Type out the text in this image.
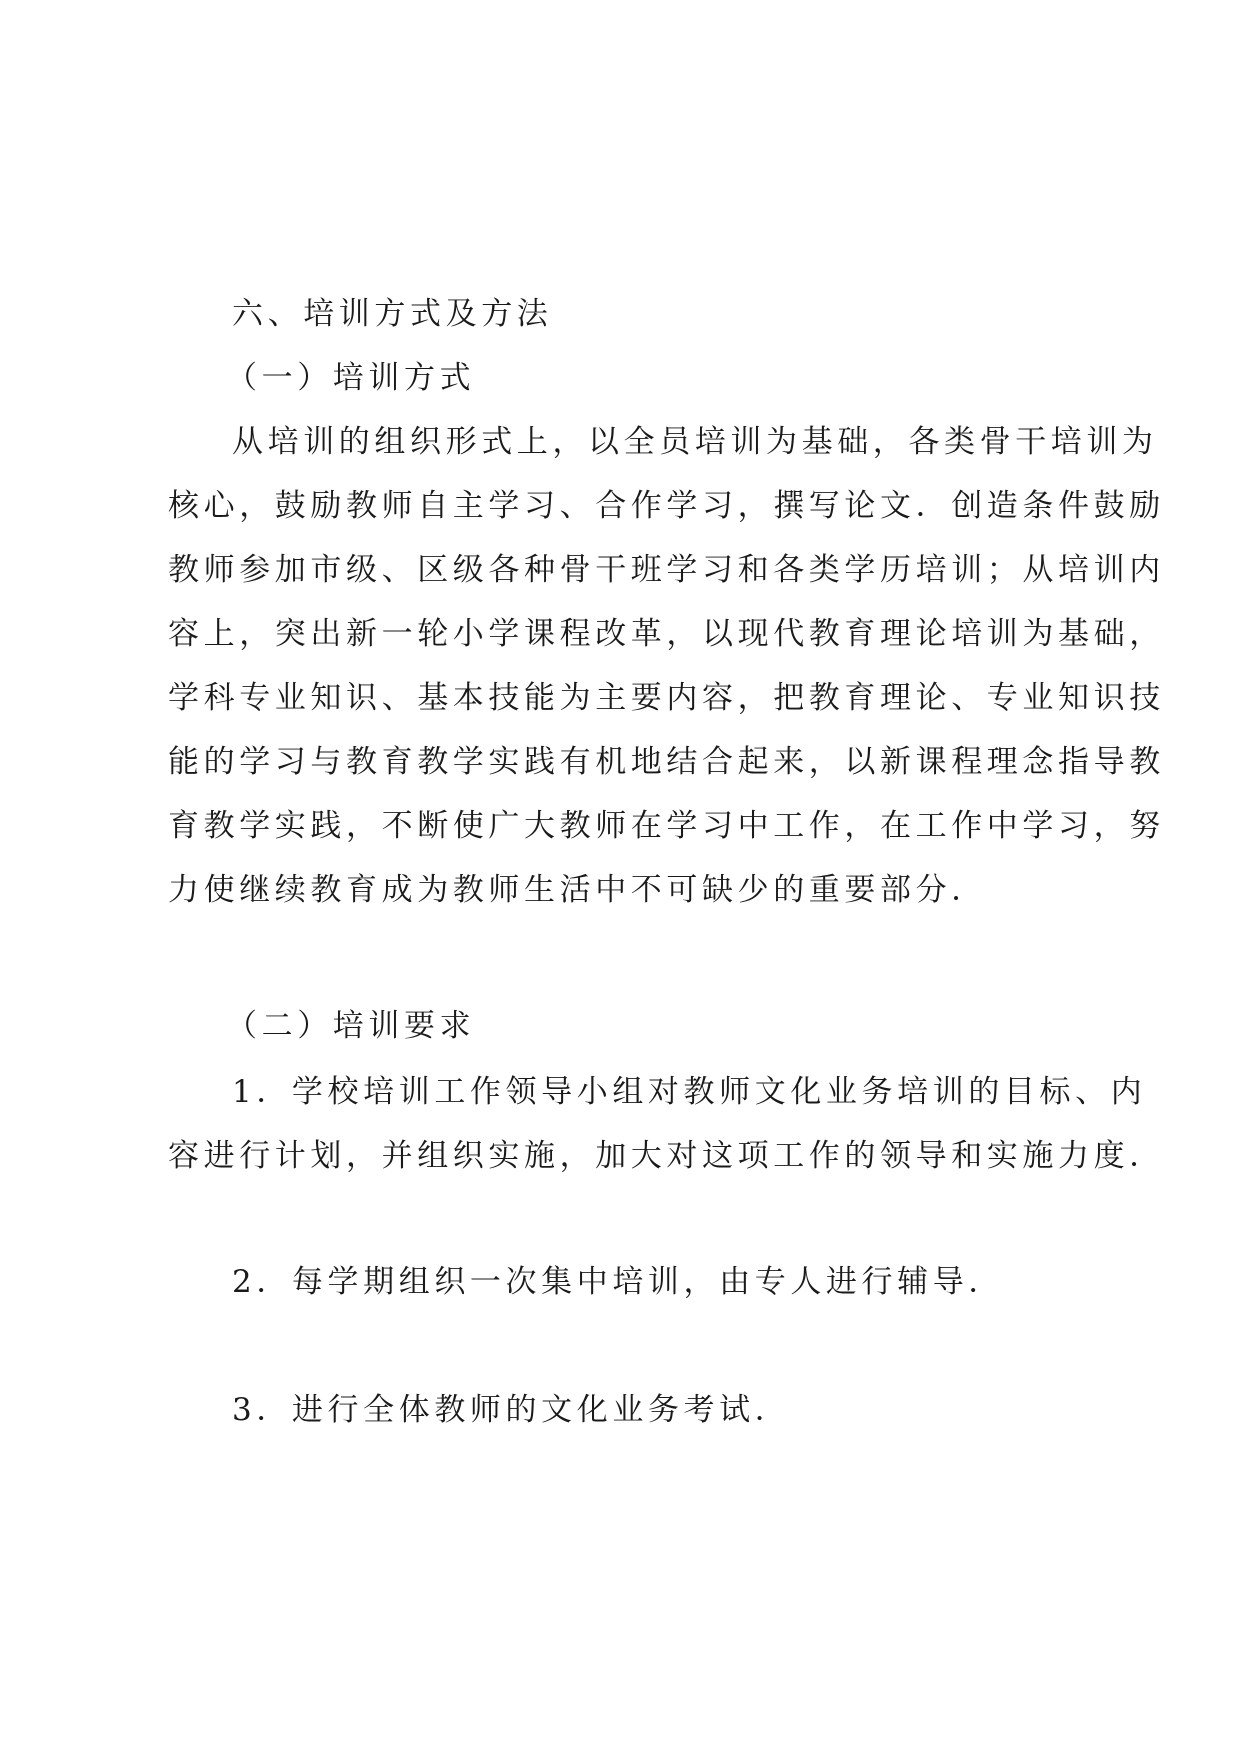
六、培训方式及方法
（一）培训方式
从培训的组织形式上，以全员培训为基础，各类骨干培训为
核心，鼓励教师自主学习、合作学习，撰写论文．创造条件鼓励
教师参加市级、区级各种骨干班学习和各类学历培训；从培训内
容上，突出新一轮小学课程改革，以现代教育理论培训为基础，
学科专业知识、基本技能为主要内容，把教育理论、专业知识技
能的学习与教育教学实践有机地结合起来，以新课程理念指导教
育教学实践，不断使广大教师在学习中工作，在工作中学习，努
力使继续教育成为教师生活中不可缺少的重要部分．
（二）培训要求
1．学校培训工作领导小组对教师文化业务培训的目标、内
容进行计划，并组织实施，加大对这项工作的领导和实施力度．
2．每学期组织一次集中培训，由专人进行辅导．
3．进行全体教师的文化业务考试．
